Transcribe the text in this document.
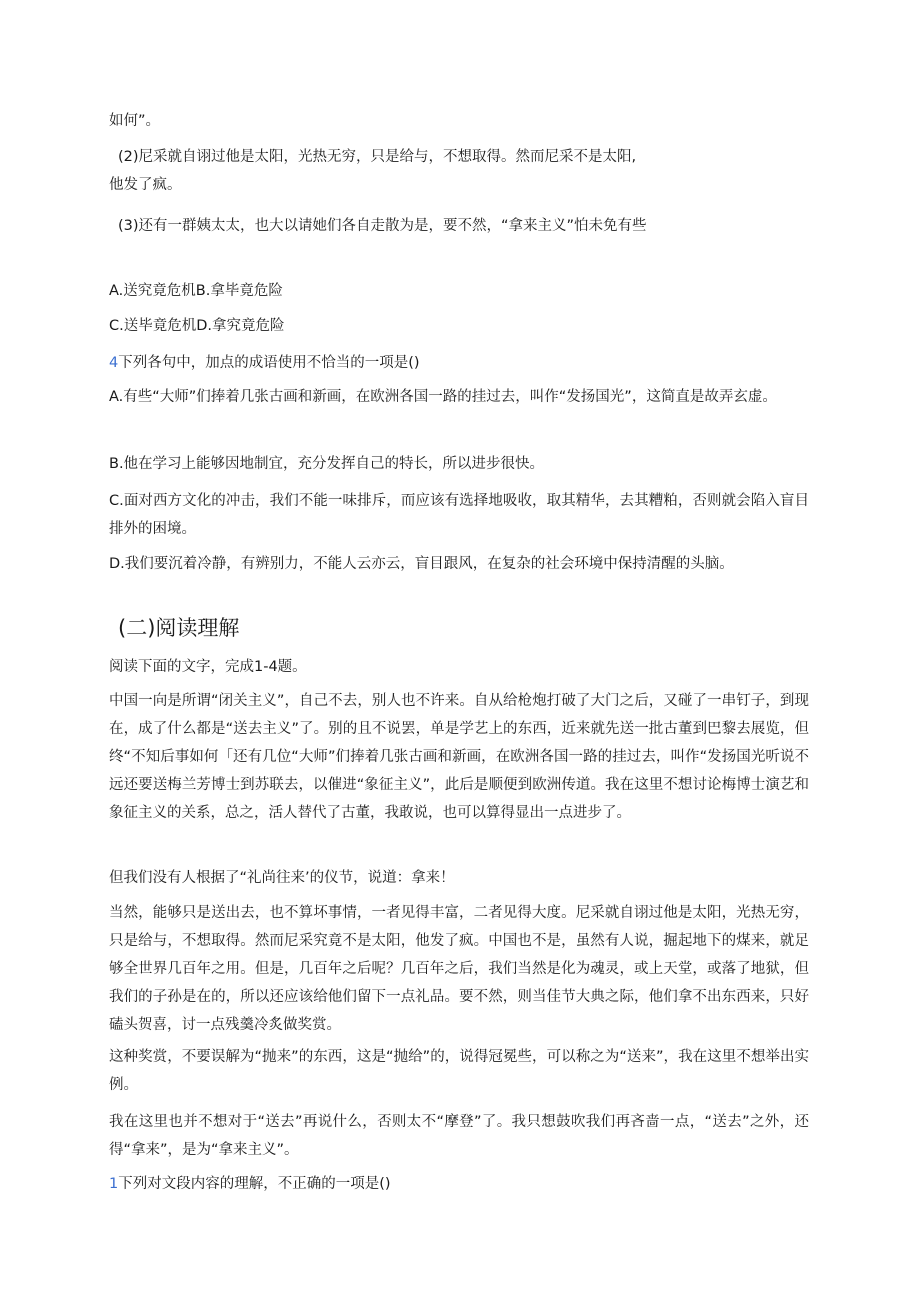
如何”。
(2)尼采就自诩过他是太阳，光热无穷，只是给与，不想取得。然而尼采不是太阳,
他发了疯。
(3)还有一群姨太太，也大以请她们各自走散为是，要不然，“拿来主义”怕未免有些
A.送究竟危机B.拿毕竟危险
C.送毕竟危机D.拿究竟危险
4下列各句中，加点的成语使用不恰当的一项是()
A.有些“大师”们捧着几张古画和新画，在欧洲各国一路的挂过去，叫作“发扬国光”，这简直是故弄玄虚。
B.他在学习上能够因地制宜，充分发挥自己的特长，所以进步很快。
C.面对西方文化的冲击，我们不能一味排斥，而应该有选择地吸收，取其精华，去其糟粕，否则就会陷入盲目排外的困境。
D.我们要沉着冷静，有辨别力，不能人云亦云，盲目跟风，在复杂的社会环境中保持清醒的头脑。
(二)阅读理解
阅读下面的文字，完成1-4题。
中国一向是所谓“闭关主义”，自己不去，别人也不许来。自从给枪炮打破了大门之后，又碰了一串钉子，到现在，成了什么都是“送去主义”了。别的且不说罢，单是学艺上的东西，近来就先送一批古董到巴黎去展览，但终“不知后事如何「还有几位“大师”们捧着几张古画和新画，在欧洲各国一路的挂过去，叫作“发扬国光听说不远还要送梅兰芳博士到苏联去，以催进“象征主义”，此后是顺便到欧洲传道。我在这里不想讨论梅博士演艺和象征主义的关系，总之，活人替代了古董，我敢说，也可以算得显出一点进步了。
但我们没有人根据了“礼尚往来’的仪节，说道：拿来！
当然，能够只是送出去，也不算坏事情，一者见得丰富，二者见得大度。尼采就自诩过他是太阳，光热无穷，只是给与，不想取得。然而尼采究竟不是太阳，他发了疯。中国也不是，虽然有人说，掘起地下的煤来，就足够全世界几百年之用。但是，几百年之后呢？几百年之后，我们当然是化为魂灵，或上天堂，或落了地狱，但我们的子孙是在的，所以还应该给他们留下一点礼品。要不然，则当佳节大典之际，他们拿不出东西来，只好磕头贺喜，讨一点残羹冷炙做奖赏。
这种奖赏，不要误解为“抛来”的东西，这是“抛给”的，说得冠冕些，可以称之为“送来”，我在这里不想举出实例。
我在这里也并不想对于“送去”再说什么，否则太不“摩登”了。我只想鼓吹我们再吝啬一点，“送去”之外，还得“拿来”，是为“拿来主义”。
1下列对文段内容的理解，不正确的一项是()
